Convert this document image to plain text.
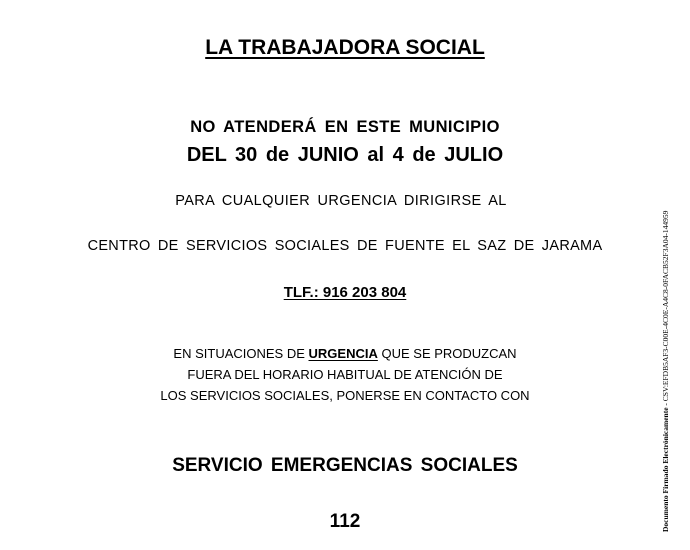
LA TRABAJADORA SOCIAL
NO ATENDERÁ EN ESTE MUNICIPIO
DEL 30 de JUNIO al 4 de JULIO
PARA CUALQUIER URGENCIA DIRIGIRSE AL
CENTRO DE SERVICIOS SOCIALES DE FUENTE EL SAZ DE JARAMA
TLF.: 916 203 804
EN SITUACIONES DE URGENCIA QUE SE PRODUZCAN
FUERA DEL HORARIO HABITUAL DE ATENCIÓN DE
LOS SERVICIOS SOCIALES, PONERSE EN CONTACTO CON
SERVICIO EMERGENCIAS SOCIALES
112	Documento Firmado Electrónicamente - CSV:EFDB5AF3-C00E-4C0E-A4C8-0FACB52F3A04-144959
